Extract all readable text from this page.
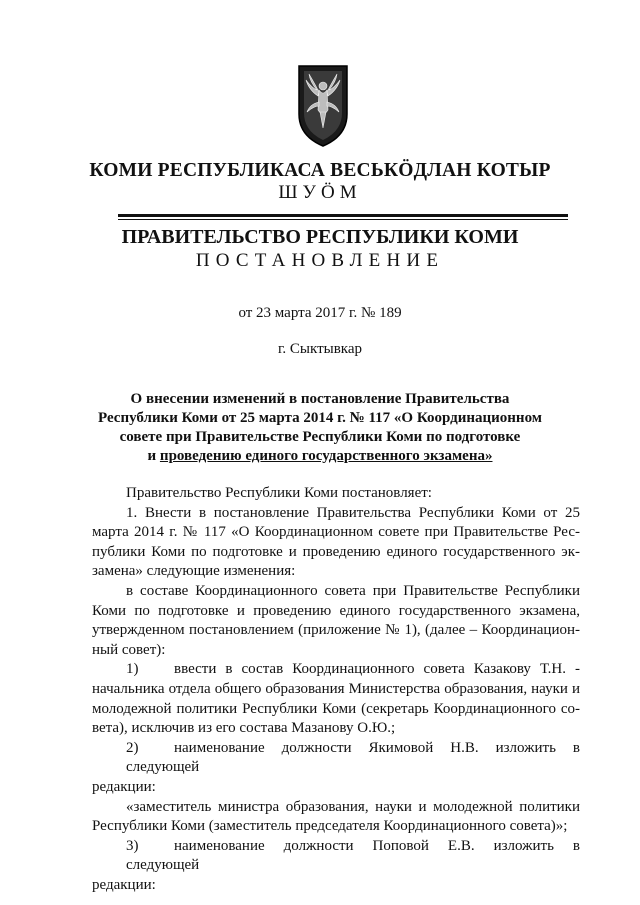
КОМИ РЕСПУБЛИКАСА ВЕСЬКӦДЛАН КОТЫР
ШУӦМ
ПРАВИТЕЛЬСТВО РЕСПУБЛИКИ КОМИ
ПОСТАНОВЛЕНИЕ
от 23 марта 2017 г. № 189
г. Сыктывкар
О внесении изменений в постановление Правительства
Республики Коми от 25 марта 2014 г. № 117 «О Координационном
совете при Правительстве Республики Коми по подготовке
и проведению единого государственного экзамена»
Правительство Республики Коми постановляет:
1. Внести в постановление Правительства Республики Коми от 25
марта 2014 г. № 117 «О Координационном совете при Правительстве Рес-
публики Коми по подготовке и проведению единого государственного эк-
замена» следующие изменения:
в составе Координационного совета при Правительстве Республики
Коми по подготовке и проведению единого государственного экзамена,
утвержденном постановлением (приложение № 1), (далее – Координацион-
ный совет):
1) ввести в состав Координационного совета Казакову Т.Н. -
начальника отдела общего образования Министерства образования, науки и
молодежной политики Республики Коми (секретарь Координационного со-
вета), исключив из его состава Мазанову О.Ю.;
2) наименование должности Якимовой Н.В. изложить в следующей
редакции:
«заместитель министра образования, науки и молодежной политики
Республики Коми (заместитель председателя Координационного совета)»;
3) наименование должности Поповой Е.В. изложить в следующей
редакции:
